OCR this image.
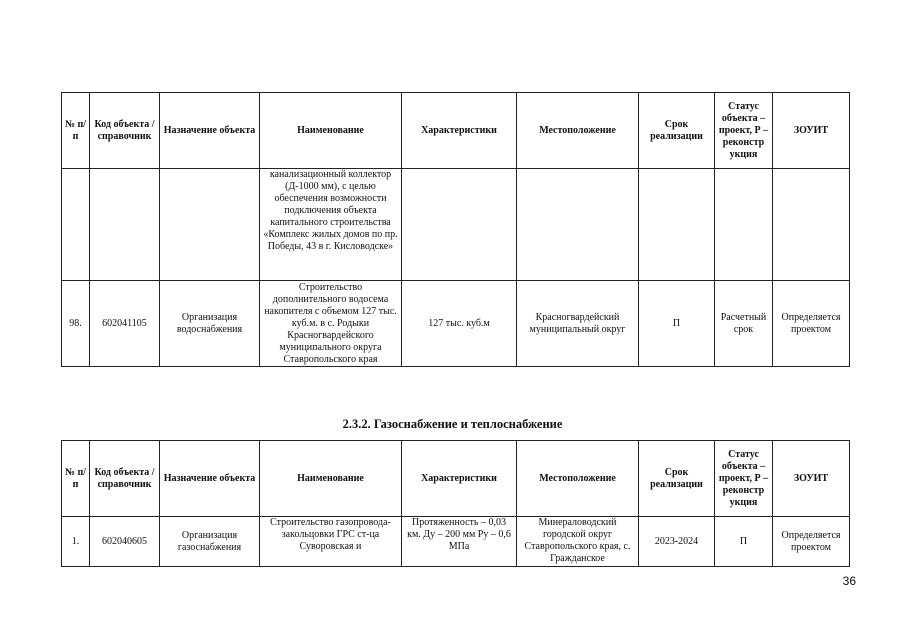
№ п/п	Код объекта / справочник	Назначение объекта	Наименование	Характеристики	Местоположение	Срок реализации	Статус объекта – проект, Р – реконстр укция	ЗОУИТ
			канализационный коллектор (Д-1000 мм), с целью обеспечения возможности подключения объекта капитального строительства «Комплекс жилых домов по пр. Победы, 43 в г. Кисловодске»					
98.	602041105	Организация водоснабжения	Строительство дополнительного водосема накопителя с объемом 127 тыс. куб.м. в с. Родыки Красногвардейского муниципального округа Ставропольского края	127 тыс. куб.м	Красногвардейский муниципальный округ	П	Расчетный срок	Определяется проектом
2.3.2. Газоснабжение и теплоснабжение
№ п/п	Код объекта / справочник	Назначение объекта	Наименование	Характеристики	Местоположение	Срок реализации	Статус объекта – проект, Р – реконстр укция	ЗОУИТ
1.	602040605	Организация газоснабжения	Строительство газопровода-закольцовки ГРС ст-ца Суворовская и	Протяженность – 0,03 км. Ду – 200 мм Ру – 0,6 МПа	Минераловодский городской округ Ставропольского края, с. Гражданское	2023-2024	П	Определяется проектом
36
